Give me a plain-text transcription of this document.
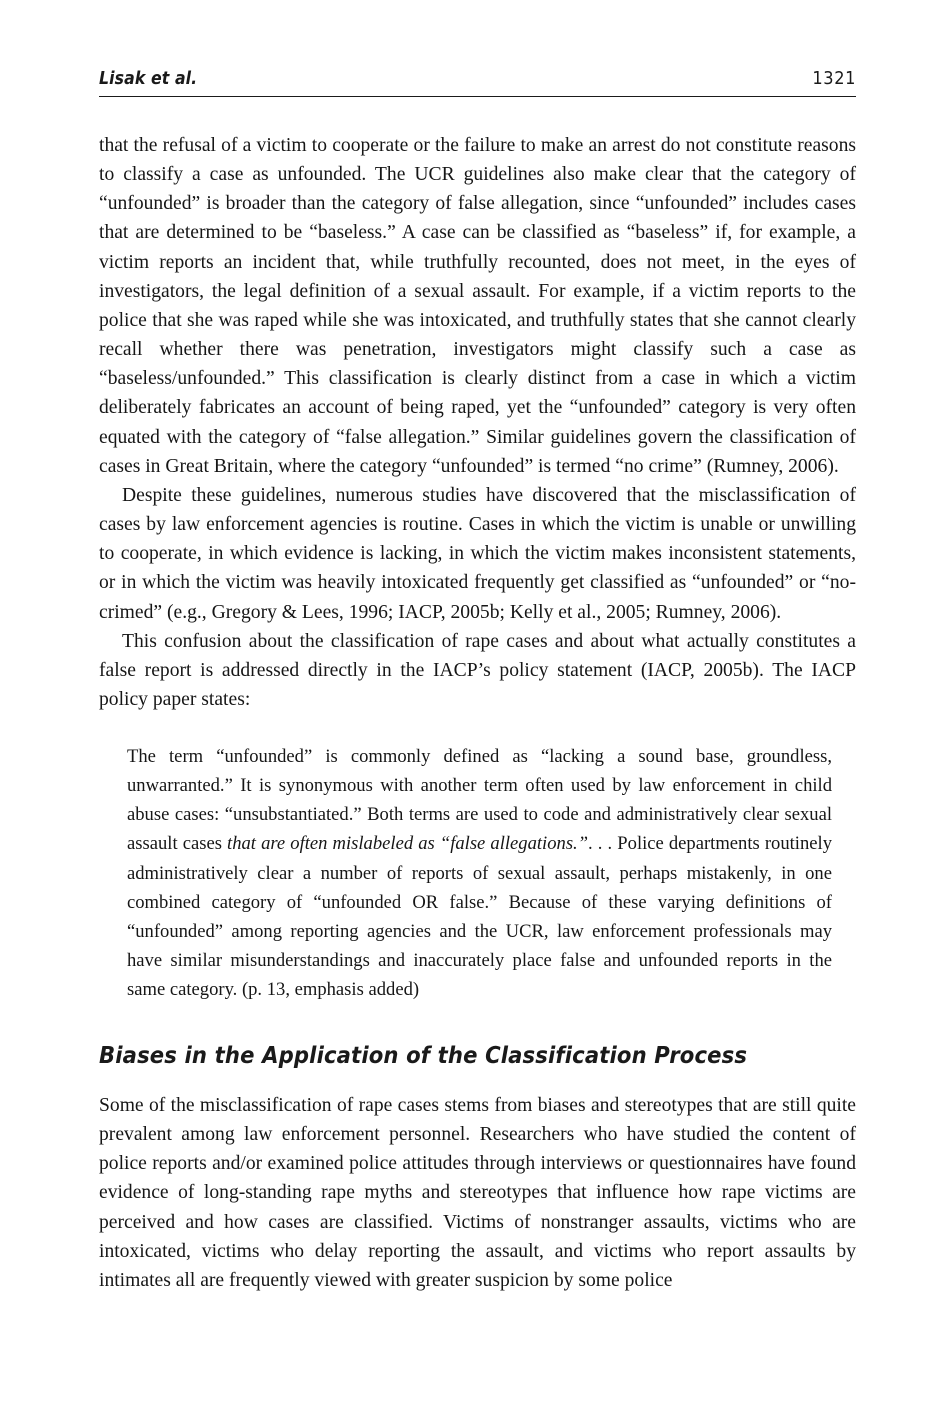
Lisak et al.	1321

that the refusal of a victim to cooperate or the failure to make an arrest do not constitute reasons to classify a case as unfounded. The UCR guidelines also make clear that the category of “unfounded” is broader than the category of false allegation, since “unfounded” includes cases that are determined to be “baseless.” A case can be classified as “baseless” if, for example, a victim reports an incident that, while truthfully recounted, does not meet, in the eyes of investigators, the legal definition of a sexual assault. For example, if a victim reports to the police that she was raped while she was intoxicated, and truthfully states that she cannot clearly recall whether there was penetration, investigators might classify such a case as “baseless/unfounded.” This classification is clearly distinct from a case in which a victim deliberately fabricates an account of being raped, yet the “unfounded” category is very often equated with the category of “false allegation.” Similar guidelines govern the classification of cases in Great Britain, where the category “unfounded” is termed “no crime” (Rumney, 2006).

Despite these guidelines, numerous studies have discovered that the misclassification of cases by law enforcement agencies is routine. Cases in which the victim is unable or unwilling to cooperate, in which evidence is lacking, in which the victim makes inconsistent statements, or in which the victim was heavily intoxicated frequently get classified as “unfounded” or “no-crimed” (e.g., Gregory & Lees, 1996; IACP, 2005b; Kelly et al., 2005; Rumney, 2006).

This confusion about the classification of rape cases and about what actually constitutes a false report is addressed directly in the IACP’s policy statement (IACP, 2005b). The IACP policy paper states:

The term “unfounded” is commonly defined as “lacking a sound base, groundless, unwarranted.” It is synonymous with another term often used by law enforcement in child abuse cases: “unsubstantiated.” Both terms are used to code and administratively clear sexual assault cases that are often mislabeled as “false allegations.”. . . Police departments routinely administratively clear a number of reports of sexual assault, perhaps mistakenly, in one combined category of “unfounded OR false.” Because of these varying definitions of “unfounded” among reporting agencies and the UCR, law enforcement professionals may have similar misunderstandings and inaccurately place false and unfounded reports in the same category. (p. 13, emphasis added)
Biases in the Application of the Classification Process

Some of the misclassification of rape cases stems from biases and stereotypes that are still quite prevalent among law enforcement personnel. Researchers who have studied the content of police reports and/or examined police attitudes through interviews or questionnaires have found evidence of long-standing rape myths and stereotypes that influence how rape victims are perceived and how cases are classified. Victims of nonstranger assaults, victims who are intoxicated, victims who delay reporting the assault, and victims who report assaults by intimates all are frequently viewed with greater suspicion by some police
